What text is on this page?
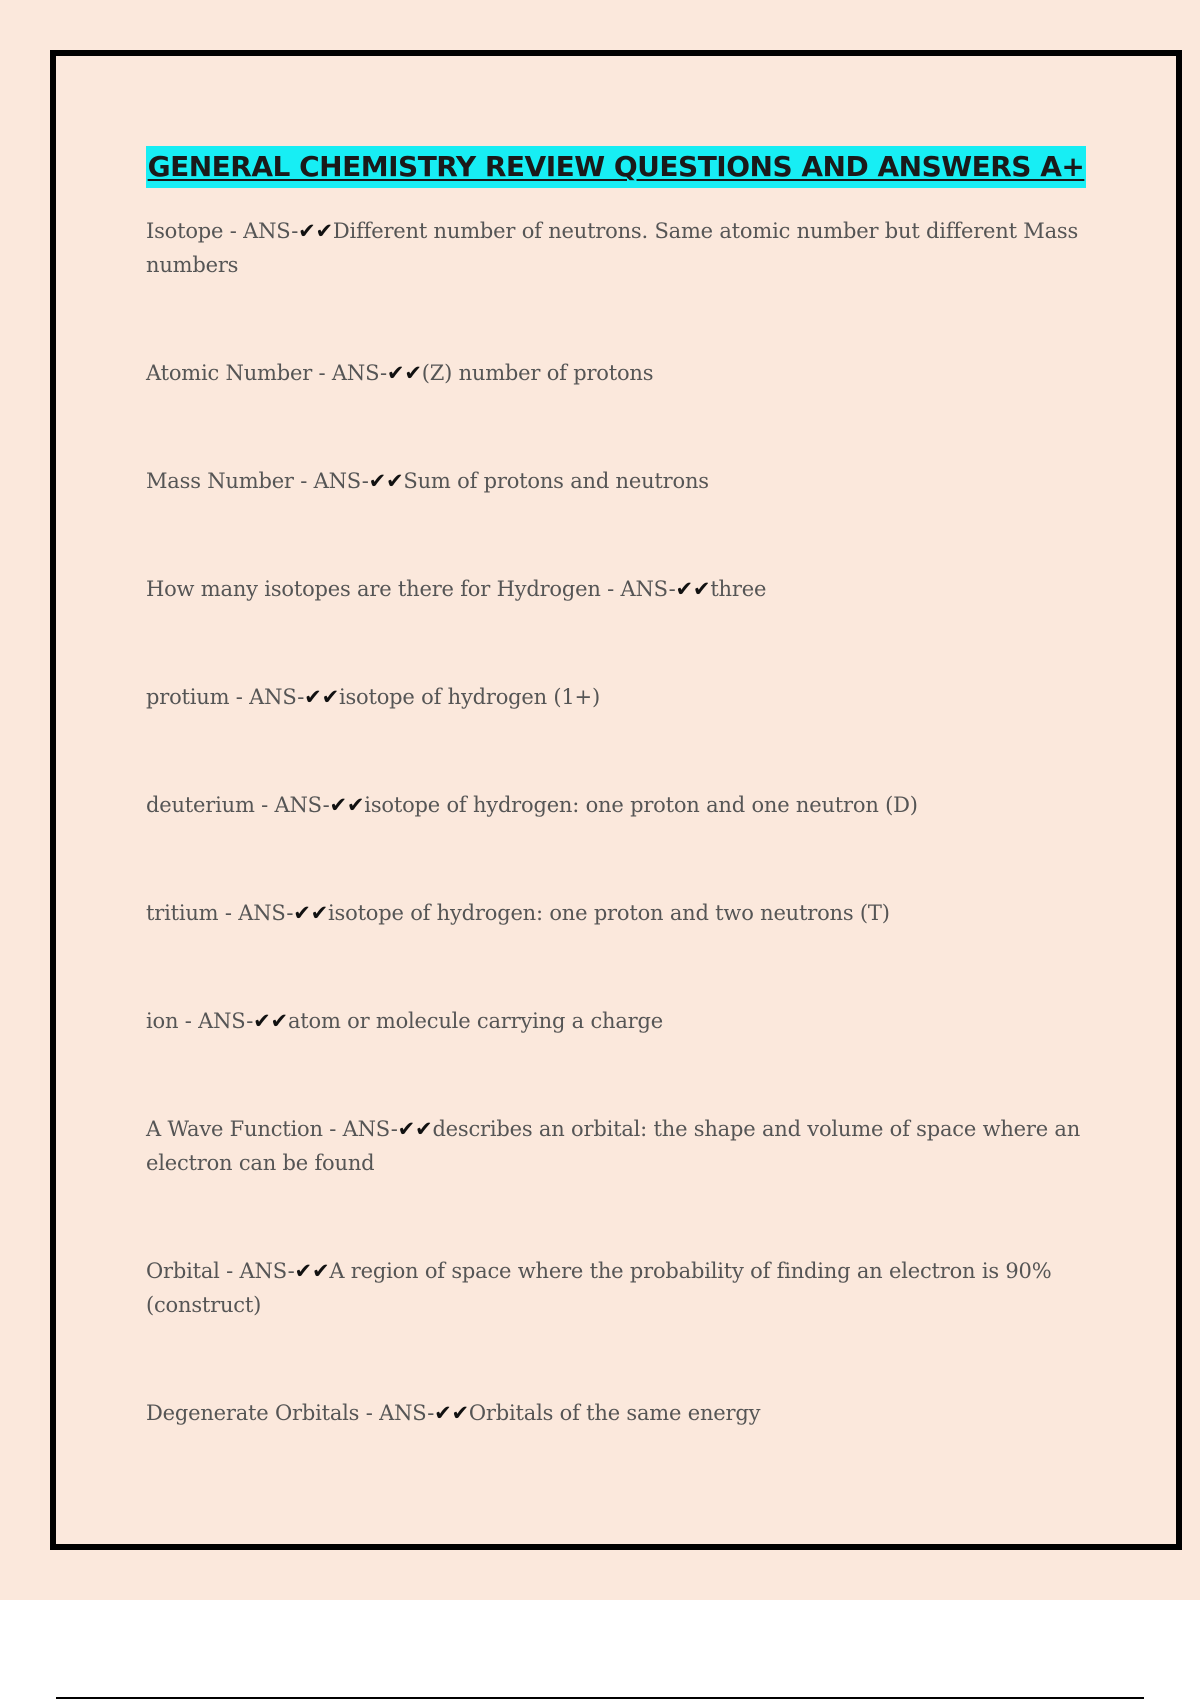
GENERAL CHEMISTRY REVIEW QUESTIONS AND ANSWERS A+
Isotope - ANS-✔✔Different number of neutrons. Same atomic number but different Mass numbers
Atomic Number - ANS-✔✔(Z) number of protons
Mass Number - ANS-✔✔Sum of protons and neutrons
How many isotopes are there for Hydrogen - ANS-✔✔three
protium - ANS-✔✔isotope of hydrogen (1+)
deuterium - ANS-✔✔isotope of hydrogen: one proton and one neutron (D)
tritium - ANS-✔✔isotope of hydrogen: one proton and two neutrons (T)
ion - ANS-✔✔atom or molecule carrying a charge
A Wave Function - ANS-✔✔describes an orbital: the shape and volume of space where an electron can be found
Orbital - ANS-✔✔A region of space where the probability of finding an electron is 90% (construct)
Degenerate Orbitals - ANS-✔✔Orbitals of the same energy
